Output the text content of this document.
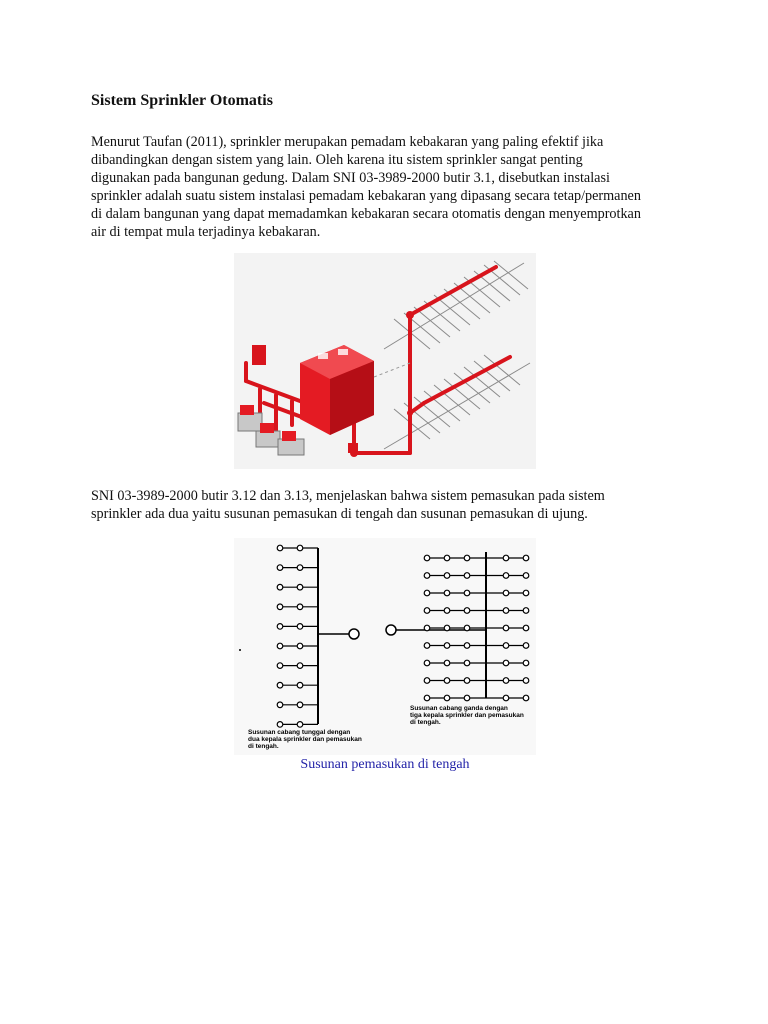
Sistem Sprinkler Otomatis

Menurut Taufan (2011), sprinkler merupakan pemadam kebakaran yang paling efektif jika
dibandingkan dengan sistem yang lain. Oleh karena itu sistem sprinkler sangat penting
digunakan pada bangunan gedung. Dalam SNI 03-3989-2000 butir 3.1, disebutkan instalasi
sprinkler adalah suatu sistem instalasi pemadam kebakaran yang dipasang secara tetap/permanen
di dalam bangunan yang dapat memadamkan kebakaran secara otomatis dengan menyemprotkan
air di tempat mula terjadinya kebakaran.

SNI 03-3989-2000 butir 3.12 dan 3.13, menjelaskan bahwa sistem pemasukan pada sistem
sprinkler ada dua yaitu susunan pemasukan di tengah dan susunan pemasukan di ujung.

Susunan cabang tunggal dengan dua kepala sprinkler dan pemasukan di tengah.
Susunan cabang ganda dengan tiga kepala sprinkler dan pemasukan di tengah.
Susunan pemasukan di tengah
